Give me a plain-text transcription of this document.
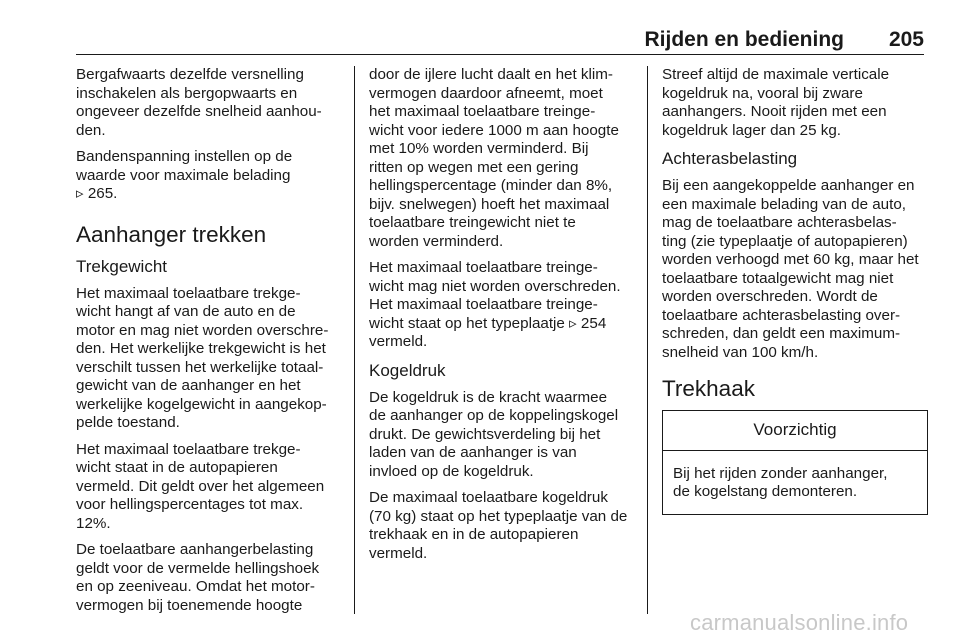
Rijden en bediening 205

Bergafwaarts dezelfde versnelling
inschakelen als bergopwaarts en
ongeveer dezelfde snelheid aanhou-
den.

Bandenspanning instellen op de
waarde voor maximale belading
▹ 265.

Aanhanger trekken
Trekgewicht

Het maximaal toelaatbare trekge-
wicht hangt af van de auto en de
motor en mag niet worden overschre-
den. Het werkelijke trekgewicht is het
verschilt tussen het werkelijke totaal-
gewicht van de aanhanger en het
werkelijke kogelgewicht in aangekop-
pelde toestand.

Het maximaal toelaatbare trekge-
wicht staat in de autopapieren
vermeld. Dit geldt over het algemeen
voor hellingspercentages tot max.
12%.

De toelaatbare aanhangerbelasting
geldt voor de vermelde hellingshoek
en op zeeniveau. Omdat het motor-
vermogen bij toenemende hoogte

door de ijlere lucht daalt en het klim-
vermogen daardoor afneemt, moet
het maximaal toelaatbare treinge-
wicht voor iedere 1000 m aan hoogte
met 10% worden verminderd. Bij
ritten op wegen met een gering
hellingspercentage (minder dan 8%,
bijv. snelwegen) hoeft het maximaal
toelaatbare treingewicht niet te
worden verminderd.

Het maximaal toelaatbare treinge-
wicht mag niet worden overschreden.
Het maximaal toelaatbare treinge-
wicht staat op het typeplaatje ▹ 254
vermeld.

Kogeldruk

De kogeldruk is de kracht waarmee
de aanhanger op de koppelingskogel
drukt. De gewichtsverdeling bij het
laden van de aanhanger is van
invloed op de kogeldruk.

De maximaal toelaatbare kogeldruk
(70 kg) staat op het typeplaatje van de
trekhaak en in de autopapieren
vermeld.

Streef altijd de maximale verticale
kogeldruk na, vooral bij zware
aanhangers. Nooit rijden met een
kogeldruk lager dan 25 kg.

Achterasbelasting

Bij een aangekoppelde aanhanger en
een maximale belading van de auto,
mag de toelaatbare achterasbelas-
ting (zie typeplaatje of autopapieren)
worden verhoogd met 60 kg, maar het
toelaatbare totaalgewicht mag niet
worden overschreden. Wordt de
toelaatbare achterasbelasting over-
schreden, dan geldt een maximum-
snelheid van 100 km/h.

Trekhaak
Voorzichtig
Bij het rijden zonder aanhanger,
de kogelstang demonteren.
carmanualsonline.info
